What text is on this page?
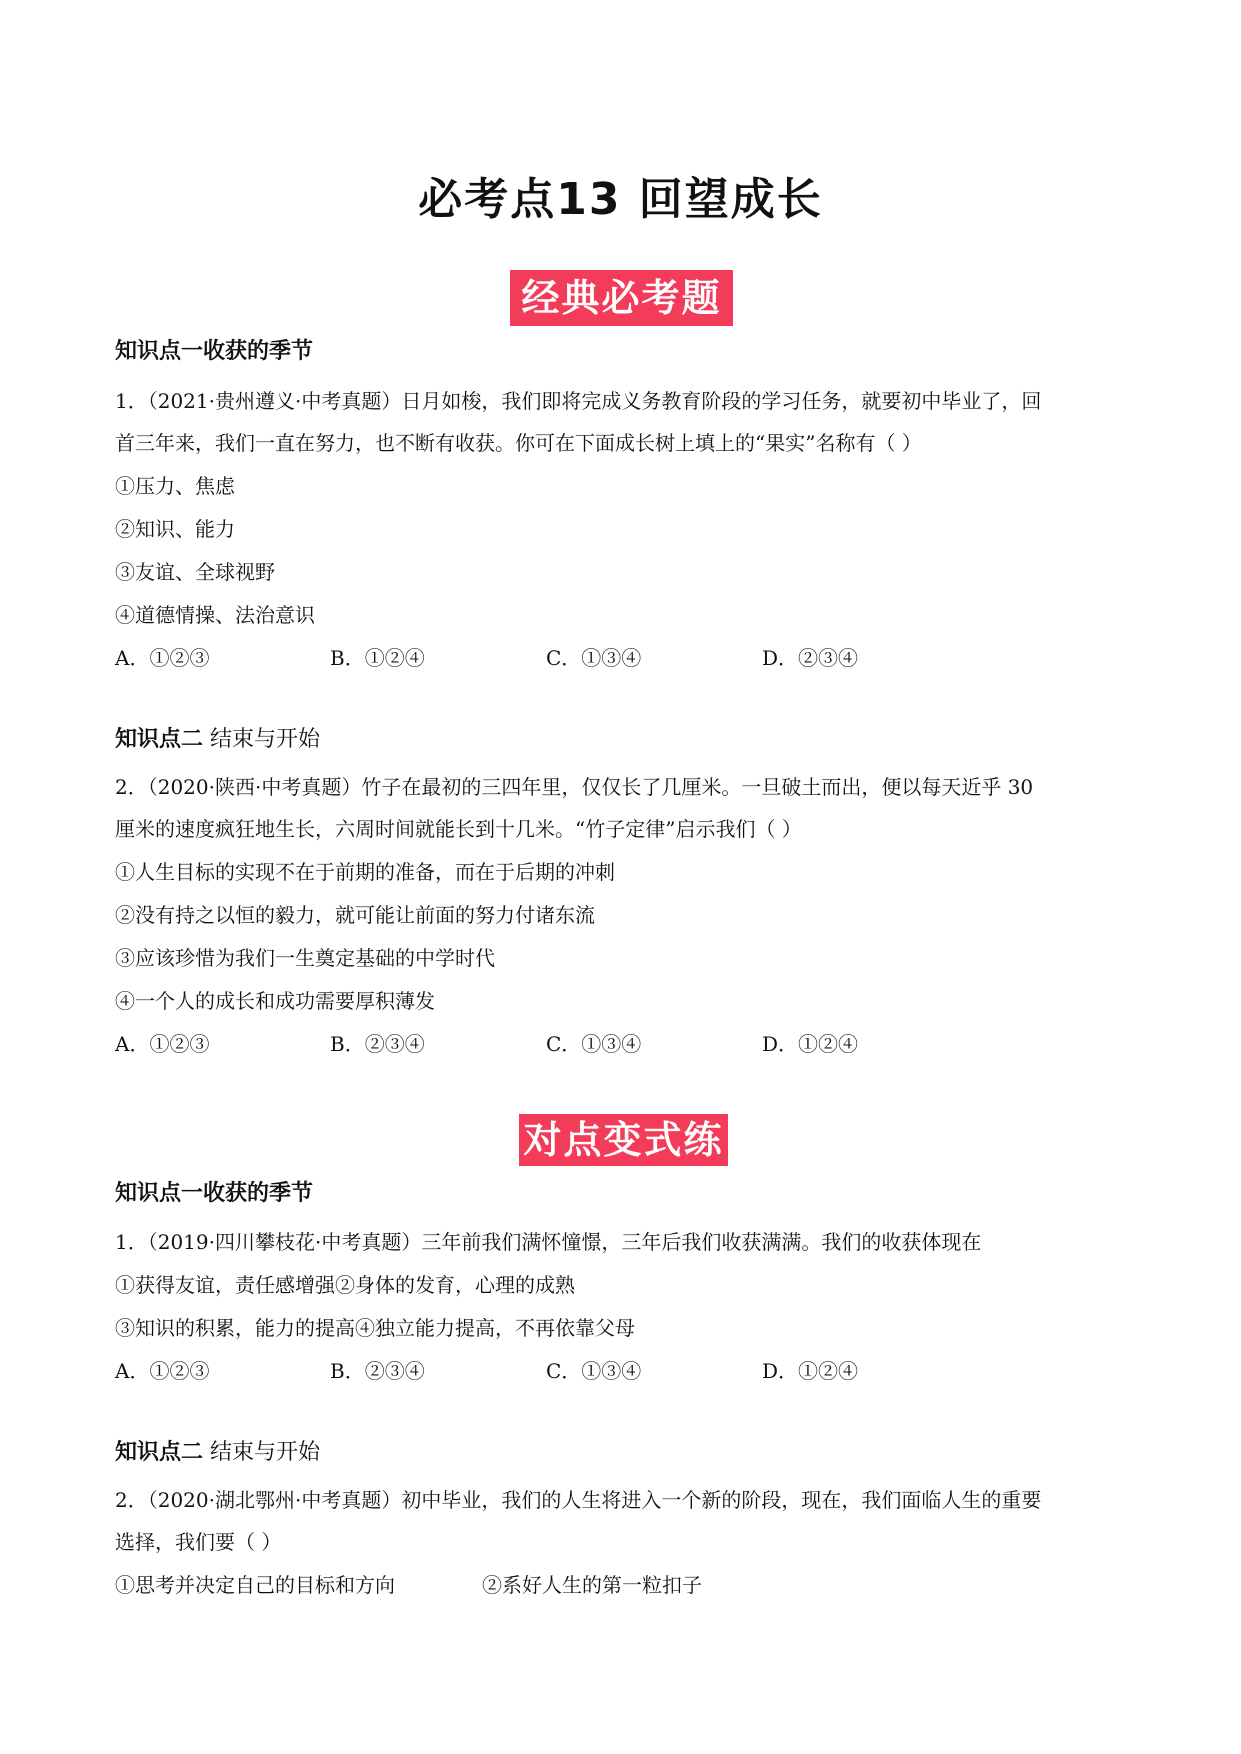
必考点13 回望成长
经典必考题
知识点一收获的季节
1．（2021·贵州遵义·中考真题）日月如梭，我们即将完成义务教育阶段的学习任务，就要初中毕业了，回
首三年来，我们一直在努力，也不断有收获。你可在下面成长树上填上的“果实”名称有（ ）
①压力、焦虑
②知识、能力
③友谊、全球视野
④道德情操、法治意识
A．①②③	B．①②④	C．①③④	D．②③④
知识点二 结束与开始
2．（2020·陕西·中考真题）竹子在最初的三四年里，仅仅长了几厘米。一旦破土而出，便以每天近乎 30
厘米的速度疯狂地生长，六周时间就能长到十几米。“竹子定律”启示我们（ ）
①人生目标的实现不在于前期的准备，而在于后期的冲刺
②没有持之以恒的毅力，就可能让前面的努力付诸东流
③应该珍惜为我们一生奠定基础的中学时代
④一个人的成长和成功需要厚积薄发
A．①②③	B．②③④	C．①③④	D．①②④
对点变式练
知识点一收获的季节
1．（2019·四川攀枝花·中考真题）三年前我们满怀憧憬，三年后我们收获满满。我们的收获体现在
①获得友谊，责任感增强②身体的发育，心理的成熟
③知识的积累，能力的提高④独立能力提高，不再依靠父母
A．①②③	B．②③④	C．①③④	D．①②④
知识点二 结束与开始
2．（2020·湖北鄂州·中考真题）初中毕业，我们的人生将进入一个新的阶段，现在，我们面临人生的重要
选择，我们要（ ）
①思考并决定自己的目标和方向	②系好人生的第一粒扣子
